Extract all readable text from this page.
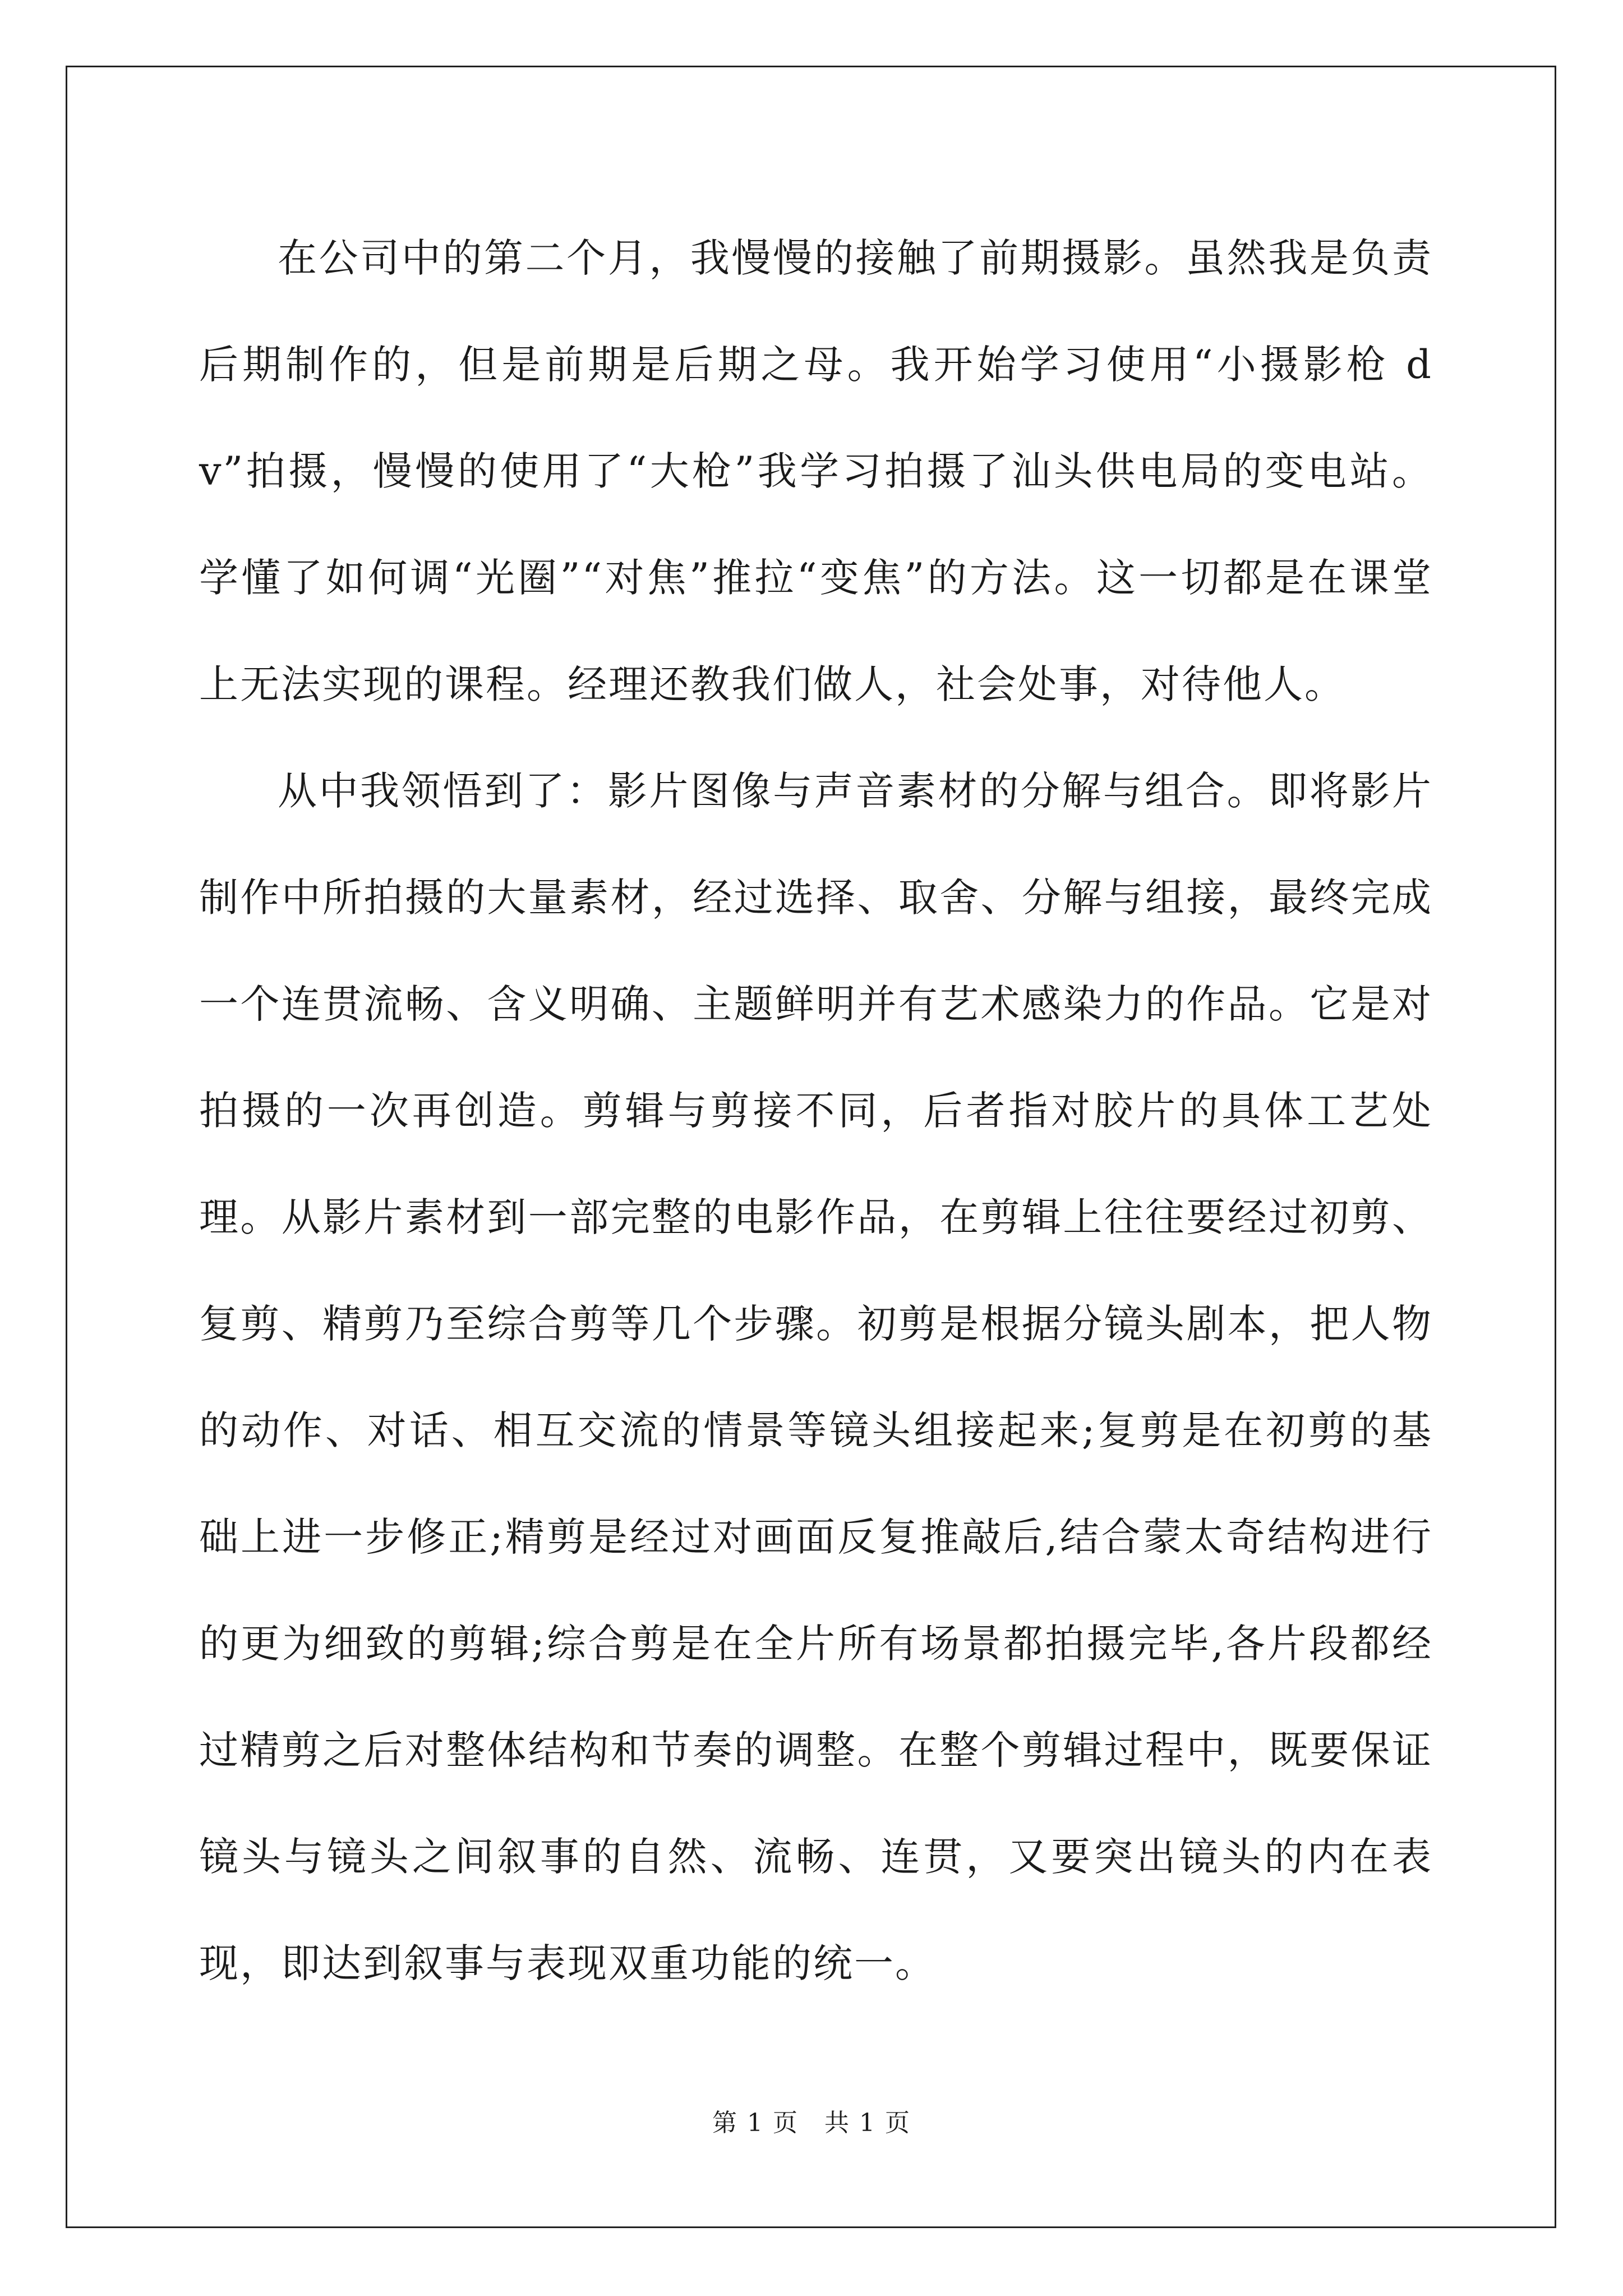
在公司中的第二个月，我慢慢的接触了前期摄影。虽然我是负责后期制作的，但是前期是后期之母。我开始学习使用“小摄影枪 dv”拍摄，慢慢的使用了“大枪”我学习拍摄了汕头供电局的变电站。学懂了如何调“光圈”“对焦”推拉“变焦”的方法。这一切都是在课堂上无法实现的课程。经理还教我们做人，社会处事，对待他人。

从中我领悟到了：影片图像与声音素材的分解与组合。即将影片制作中所拍摄的大量素材，经过选择、取舍、分解与组接，最终完成一个连贯流畅、含义明确、主题鲜明并有艺术感染力的作品。它是对拍摄的一次再创造。剪辑与剪接不同，后者指对胶片的具体工艺处理。从影片素材到一部完整的电影作品，在剪辑上往往要经过初剪、复剪、精剪乃至综合剪等几个步骤。初剪是根据分镜头剧本，把人物的动作、对话、相互交流的情景等镜头组接起来;复剪是在初剪的基础上进一步修正;精剪是经过对画面反复推敲后,结合蒙太奇结构进行的更为细致的剪辑;综合剪是在全片所有场景都拍摄完毕,各片段都经过精剪之后对整体结构和节奏的调整。在整个剪辑过程中，既要保证镜头与镜头之间叙事的自然、流畅、连贯，又要突出镜头的内在表现，即达到叙事与表现双重功能的统一。

第 1 页　共 1 页
